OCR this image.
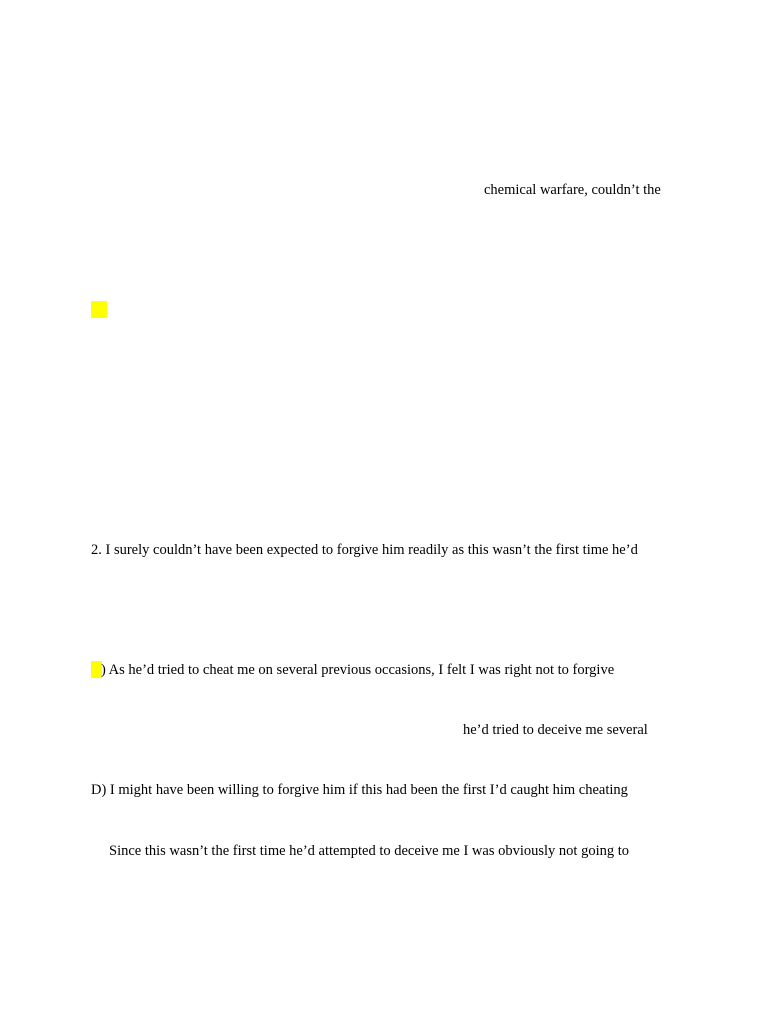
chemical warfare, couldn’t the
2. I surely couldn’t have been expected to forgive him readily as this wasn’t the first time he’d
) As he’d tried to cheat me on several previous occasions, I felt I was right not to forgive
he’d tried to deceive me several
D) I might have been willing to forgive him if this had been the first I’d caught him cheating
Since this wasn’t the first time he’d attempted to deceive me I was obviously not going to
